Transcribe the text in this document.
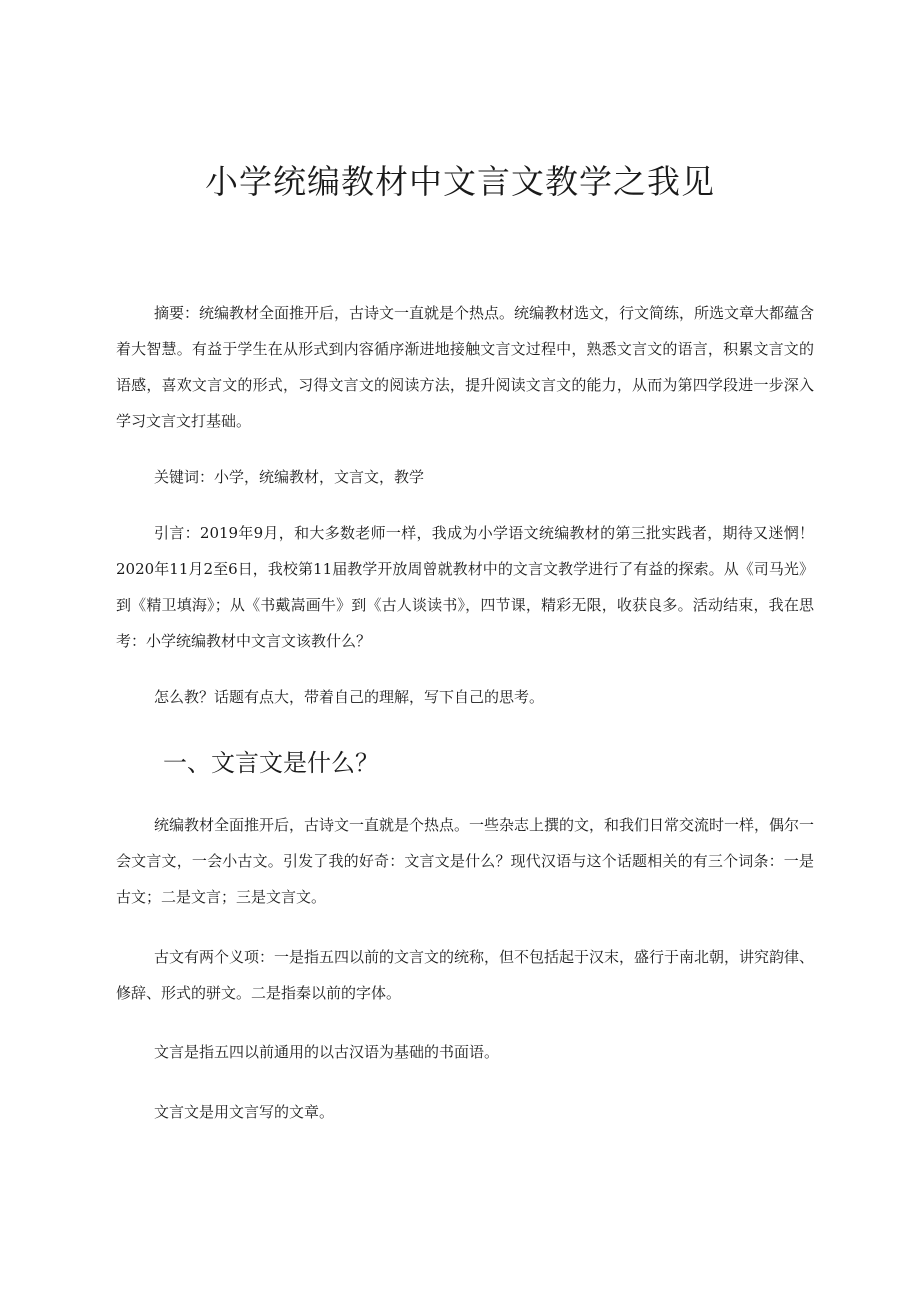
小学统编教材中文言文教学之我见

摘要：统编教材全面推开后，古诗文一直就是个热点。统编教材选文，行文简练，所选文章大都蕴含着大智慧。有益于学生在从形式到内容循序渐进地接触文言文过程中，熟悉文言文的语言，积累文言文的语感，喜欢文言文的形式，习得文言文的阅读方法，提升阅读文言文的能力，从而为第四学段进一步深入学习文言文打基础。

关键词：小学，统编教材，文言文，教学

引言：2019年9月，和大多数老师一样，我成为小学语文统编教材的第三批实践者，期待又迷惘！2020年11月2至6日，我校第11届教学开放周曾就教材中的文言文教学进行了有益的探索。从《司马光》到《精卫填海》；从《书戴嵩画牛》到《古人谈读书》，四节课，精彩无限，收获良多。活动结束，我在思考：小学统编教材中文言文该教什么？

怎么教？话题有点大，带着自己的理解，写下自己的思考。

一、文言文是什么？

统编教材全面推开后，古诗文一直就是个热点。一些杂志上撰的文，和我们日常交流时一样，偶尔一会文言文，一会小古文。引发了我的好奇：文言文是什么？现代汉语与这个话题相关的有三个词条：一是古文；二是文言；三是文言文。

古文有两个义项：一是指五四以前的文言文的统称，但不包括起于汉末，盛行于南北朝，讲究韵律、修辞、形式的骈文。二是指秦以前的字体。

文言是指五四以前通用的以古汉语为基础的书面语。

文言文是用文言写的文章。
